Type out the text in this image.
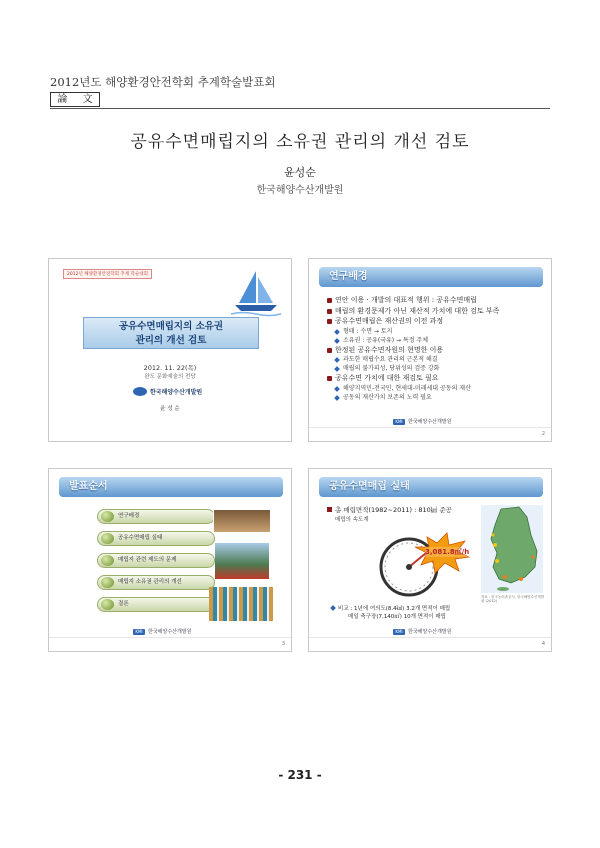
2012년도 해양환경안전학회 추계학술발표회
論 文
공유수면매립지의 소유권 관리의 개선 검토
윤성순
한국해양수산개발원
2012년 해양환경안전학회 추계 학술대회
공유수면매립지의 소유권
관리의 개선 검토
2012. 11. 22(목)
완도 문화예술의 전당
한국해양수산개발원
윤 성 순
연구배경
연안 이용 · 개발의 대표적 행위 : 공유수면매립
매립의 환경문제가 아닌 재산적 가치에 대한 검토 부족
공유수면매립은 재산권의 이전 과정
형태 : 수면 → 토지
소유권 : 공유(국유) → 특정 주체
한정된 공유수면자원의 현명한 이용
과도한 매립수요 관리의 근본적 해결
매립의 불가피성, 당위성의 검증 강화
공유수면 가치에 대한 재검토 필요
해양지역민-전국민, 현세대-미래세대 공동의 재산
공동의 재산가치 보존의 노력 필요
KMI	한국해양수산개발원
2
발표순서
연구배경
공유수면매립 실태
매립지 관련 제도의 문제
매립지 소유권 관리의 개선
결론
KMI	한국해양수산개발원
3
공유수면매립 실태
총 매립면적(1982~2011) : 810㎢ 준공
매립의 속도계
3,081.8㎡/h
자료 : 한국농어촌공사, 한국해양수산개발원 (2012)
비교 : 1년에 여의도(8.4㎢) 3.2개 면적이 매립
매일 축구장(7,140㎡) 10개 면적이 매립
KMI	한국해양수산개발원
4
- 231 -
